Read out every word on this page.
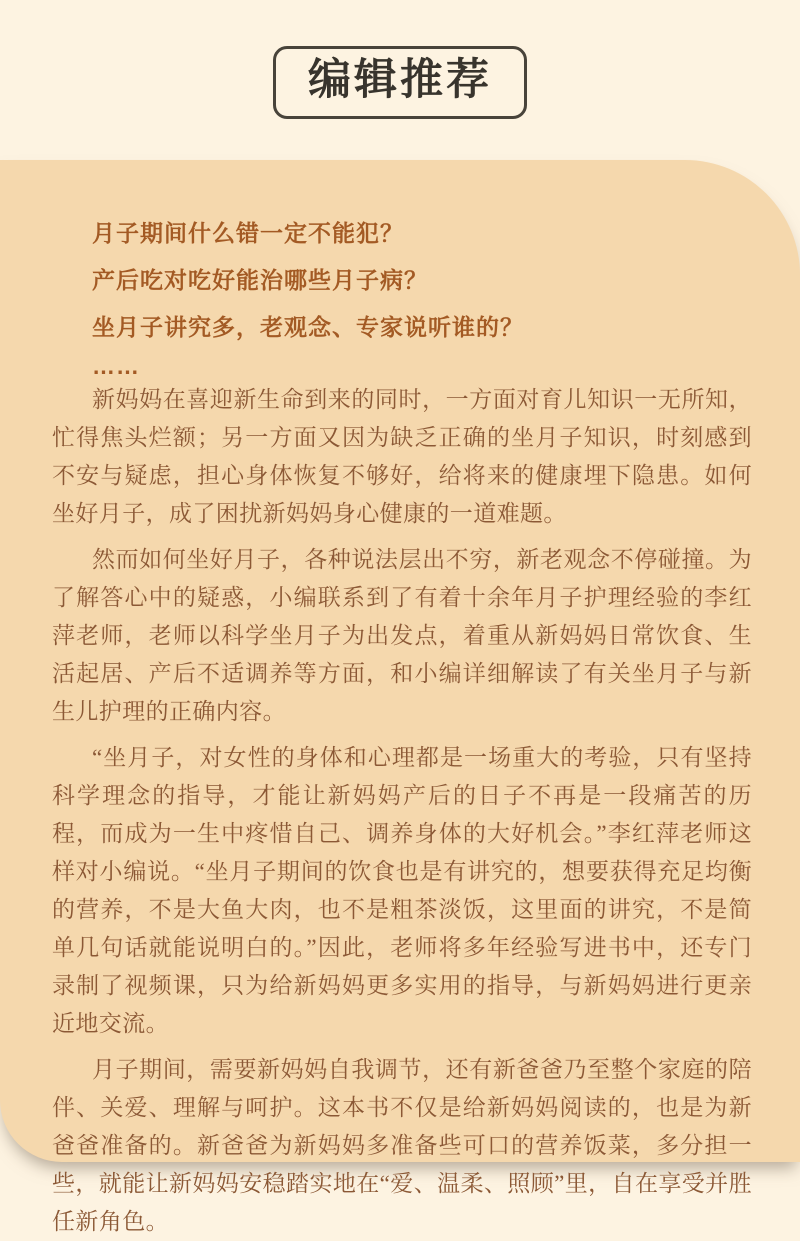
编辑推荐
月子期间什么错一定不能犯？
产后吃对吃好能治哪些月子病？
坐月子讲究多，老观念、专家说听谁的？
……

新妈妈在喜迎新生命到来的同时，一方面对育儿知识一无所知，忙得焦头烂额；另一方面又因为缺乏正确的坐月子知识，时刻感到不安与疑虑，担心身体恢复不够好，给将来的健康埋下隐患。如何坐好月子，成了困扰新妈妈身心健康的一道难题。

然而如何坐好月子，各种说法层出不穷，新老观念不停碰撞。为了解答心中的疑惑，小编联系到了有着十余年月子护理经验的李红萍老师，老师以科学坐月子为出发点，着重从新妈妈日常饮食、生活起居、产后不适调养等方面，和小编详细解读了有关坐月子与新生儿护理的正确内容。

“坐月子，对女性的身体和心理都是一场重大的考验，只有坚持科学理念的指导，才能让新妈妈产后的日子不再是一段痛苦的历程，而成为一生中疼惜自己、调养身体的大好机会。”李红萍老师这样对小编说。“坐月子期间的饮食也是有讲究的，想要获得充足均衡的营养，不是大鱼大肉，也不是粗茶淡饭，这里面的讲究，不是简单几句话就能说明白的。”因此，老师将多年经验写进书中，还专门录制了视频课，只为给新妈妈更多实用的指导，与新妈妈进行更亲近地交流。

月子期间，需要新妈妈自我调节，还有新爸爸乃至整个家庭的陪伴、关爱、理解与呵护。这本书不仅是给新妈妈阅读的，也是为新爸爸准备的。新爸爸为新妈妈多准备些可口的营养饭菜，多分担一些，就能让新妈妈安稳踏实地在“爱、温柔、照顾”里，自在享受并胜任新角色。
